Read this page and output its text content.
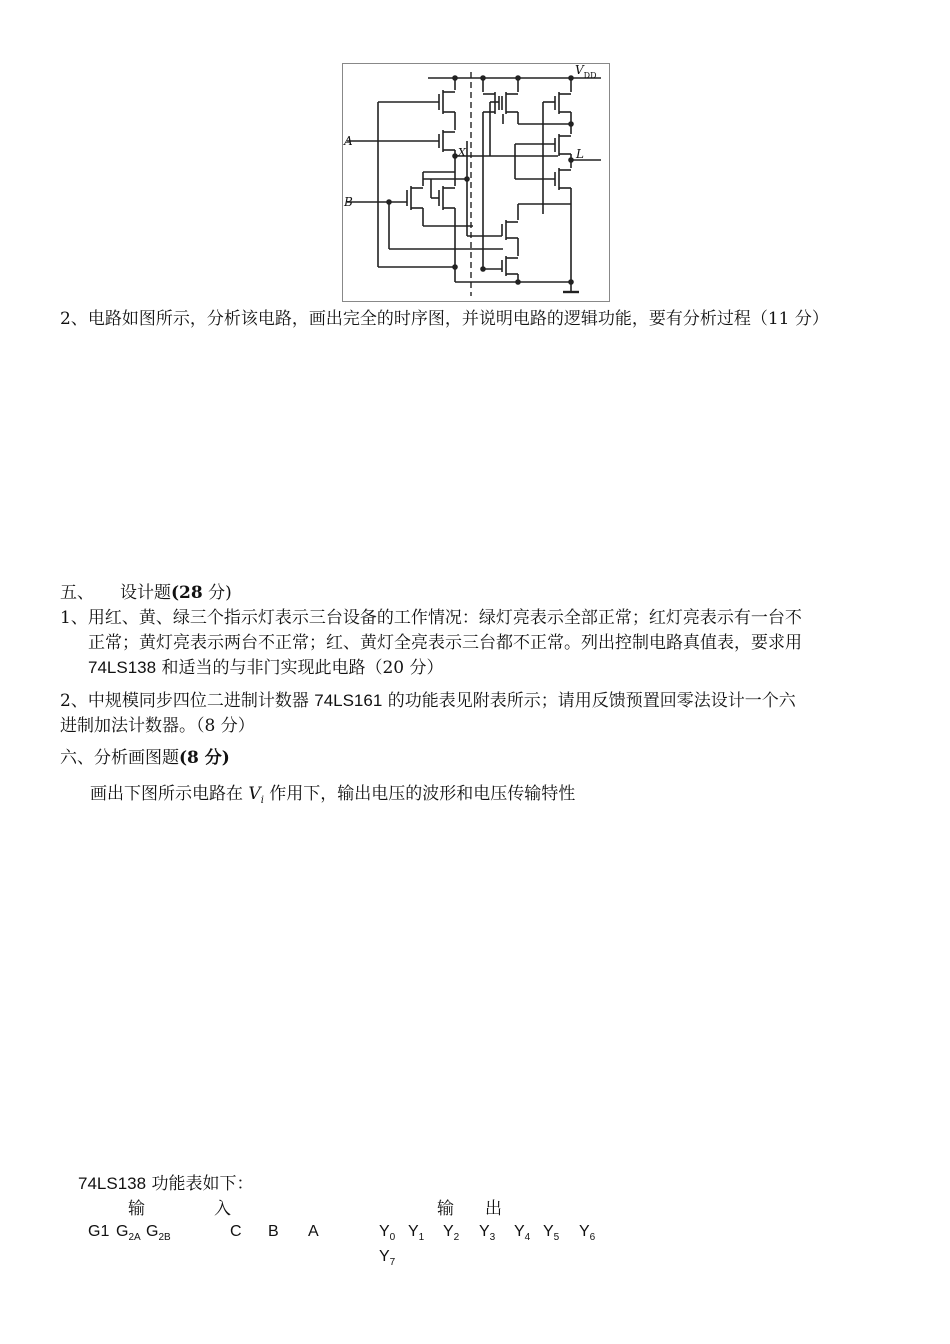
$V_{DD}$
A
B
X	L
2、电路如图所示，分析该电路，画出完全的时序图，并说明电路的逻辑功能，要有分析过程（11 分）
五、 设计题(28 分)
1、用红、黄、绿三个指示灯表示三台设备的工作情况：绿灯亮表示全部正常；红灯亮表示有一台不
正常；黄灯亮表示两台不正常；红、黄灯全亮表示三台都不正常。列出控制电路真值表，要求用
74LS138 和适当的与非门实现此电路（20 分）
2、中规模同步四位二进制计数器 74LS161 的功能表见附表所示；请用反馈预置回零法设计一个六
进制加法计数器。（8 分）
六、分析画图题(8 分)
画出下图所示电路在 $V_i$ 作用下，输出电压的波形和电压传输特性
74LS138 功能表如下：
输	入	输 出
G1 $G_{2A}$ $G_{2B}$	C B A	$Y_0$ $Y_1$ $Y_2$ $Y_3$ $Y_4$ $Y_5$ $Y_6$
$Y_7$
